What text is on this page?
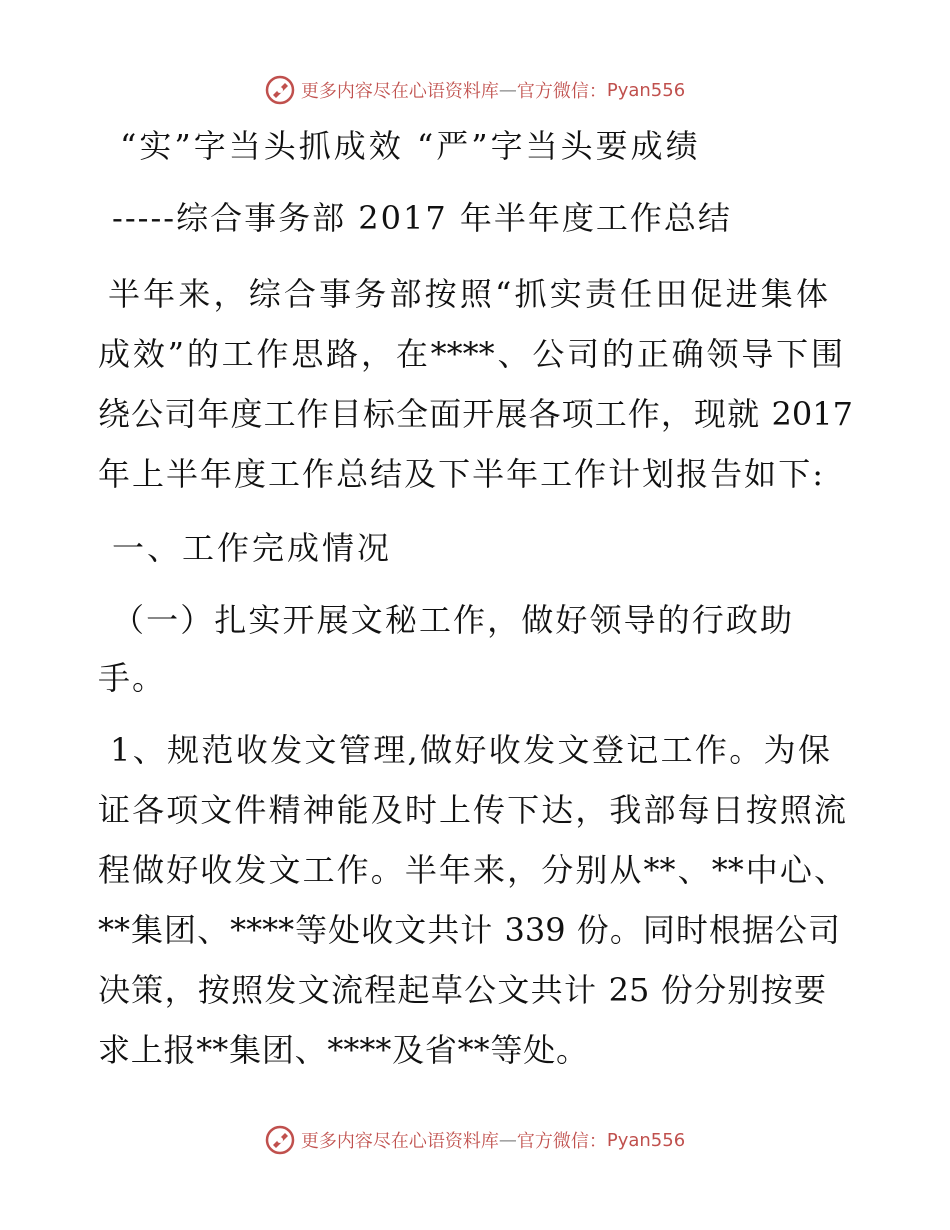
更多内容尽在心语资料库 — 官方微信： Pyan556
“实”字当头抓成效 “严”字当头要成绩
-----综合事务部 2017 年半年度工作总结
半年来，综合事务部按照“抓实责任田促进集体
成效”的工作思路，在****、公司的正确领导下围
绕公司年度工作目标全面开展各项工作，现就 2017
年上半年度工作总结及下半年工作计划报告如下:
一、工作完成情况
（一）扎实开展文秘工作，做好领导的行政助
手。
1、规范收发文管理,做好收发文登记工作。为保
证各项文件精神能及时上传下达，我部每日按照流
程做好收发文工作。半年来，分别从**、**中心、
**集团、****等处收文共计 339 份。同时根据公司
决策，按照发文流程起草公文共计 25 份分别按要
求上报**集团、****及省**等处。
更多内容尽在心语资料库 — 官方微信： Pyan556
